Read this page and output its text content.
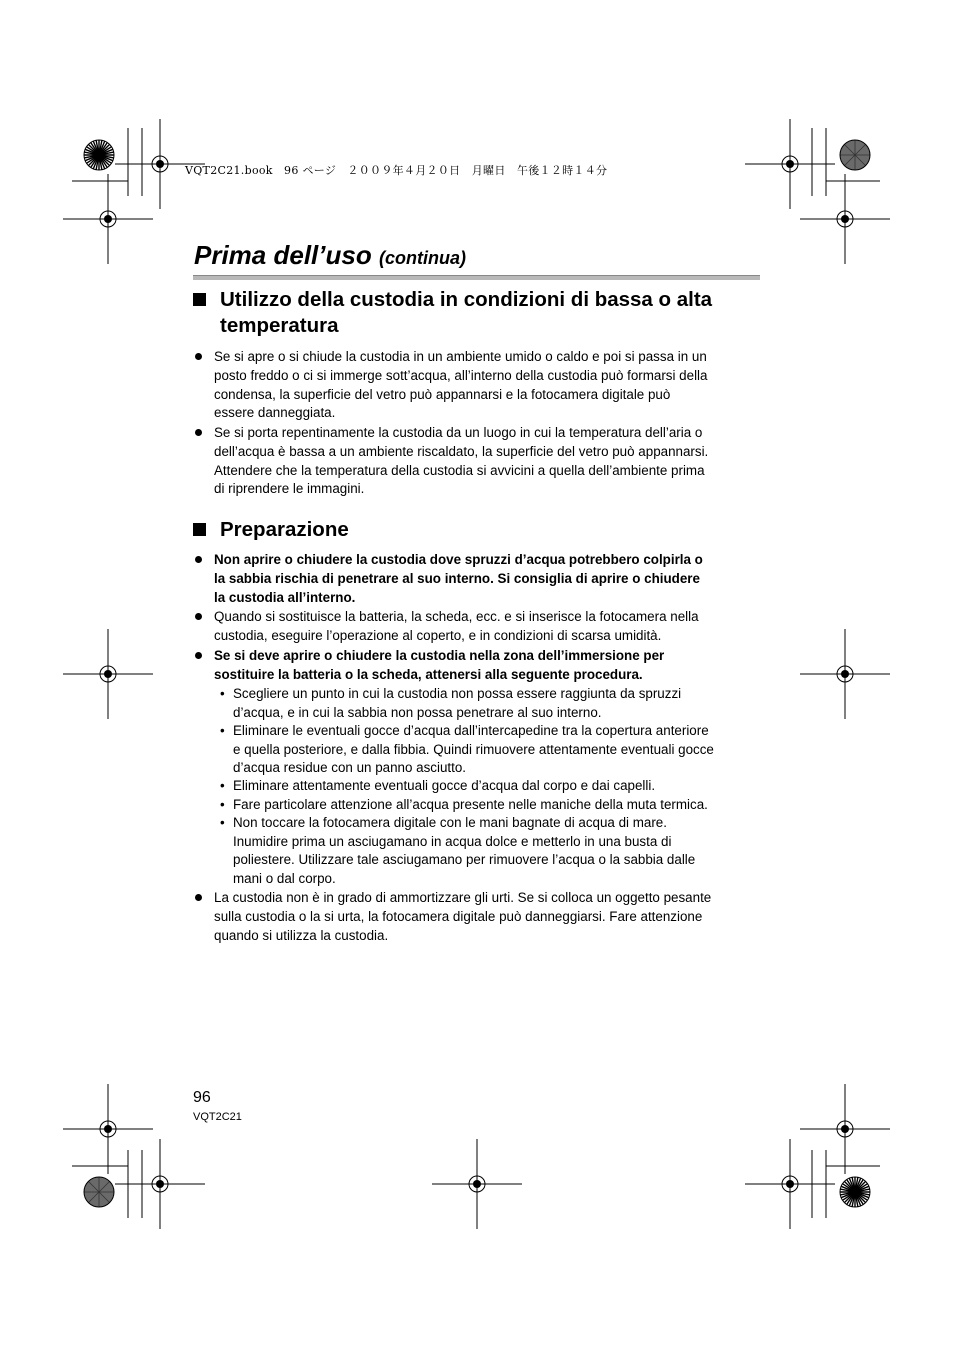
VQT2C21.book　96 ページ　２００９年４月２０日　月曜日　午後１２時１４分
Prima dell’uso (continua)
Utilizzo della custodia in condizioni di bassa o alta
temperatura
Se si apre o si chiude la custodia in un ambiente umido o caldo e poi si passa in un
posto freddo o ci si immerge sott’acqua, all’interno della custodia può formarsi della
condensa, la superficie del vetro può appannarsi e la fotocamera digitale può
essere danneggiata.
Se si porta repentinamente la custodia da un luogo in cui la temperatura dell’aria o
dell’acqua è bassa a un ambiente riscaldato, la superficie del vetro può appannarsi.
Attendere che la temperatura della custodia si avvicini a quella dell’ambiente prima
di riprendere le immagini.
Preparazione
Non aprire o chiudere la custodia dove spruzzi d’acqua potrebbero colpirla o
la sabbia rischia di penetrare al suo interno. Si consiglia di aprire o chiudere
la custodia all’interno.
Quando si sostituisce la batteria, la scheda, ecc. e si inserisce la fotocamera nella
custodia, eseguire l’operazione al coperto, e in condizioni di scarsa umidità.
Se si deve aprire o chiudere la custodia nella zona dell’immersione per
sostituire la batteria o la scheda, attenersi alla seguente procedura.
• Scegliere un punto in cui la custodia non possa essere raggiunta da spruzzi
d’acqua, e in cui la sabbia non possa penetrare al suo interno.
• Eliminare le eventuali gocce d’acqua dall’intercapedine tra la copertura anteriore
e quella posteriore, e dalla fibbia. Quindi rimuovere attentamente eventuali gocce
d’acqua residue con un panno asciutto.
• Eliminare attentamente eventuali gocce d’acqua dal corpo e dai capelli.
• Fare particolare attenzione all’acqua presente nelle maniche della muta termica.
• Non toccare la fotocamera digitale con le mani bagnate di acqua di mare.
Inumidire prima un asciugamano in acqua dolce e metterlo in una busta di
poliestere. Utilizzare tale asciugamano per rimuovere l’acqua o la sabbia dalle
mani o dal corpo.
La custodia non è in grado di ammortizzare gli urti. Se si colloca un oggetto pesante
sulla custodia o la si urta, la fotocamera digitale può danneggiarsi. Fare attenzione
quando si utilizza la custodia.
96
VQT2C21
